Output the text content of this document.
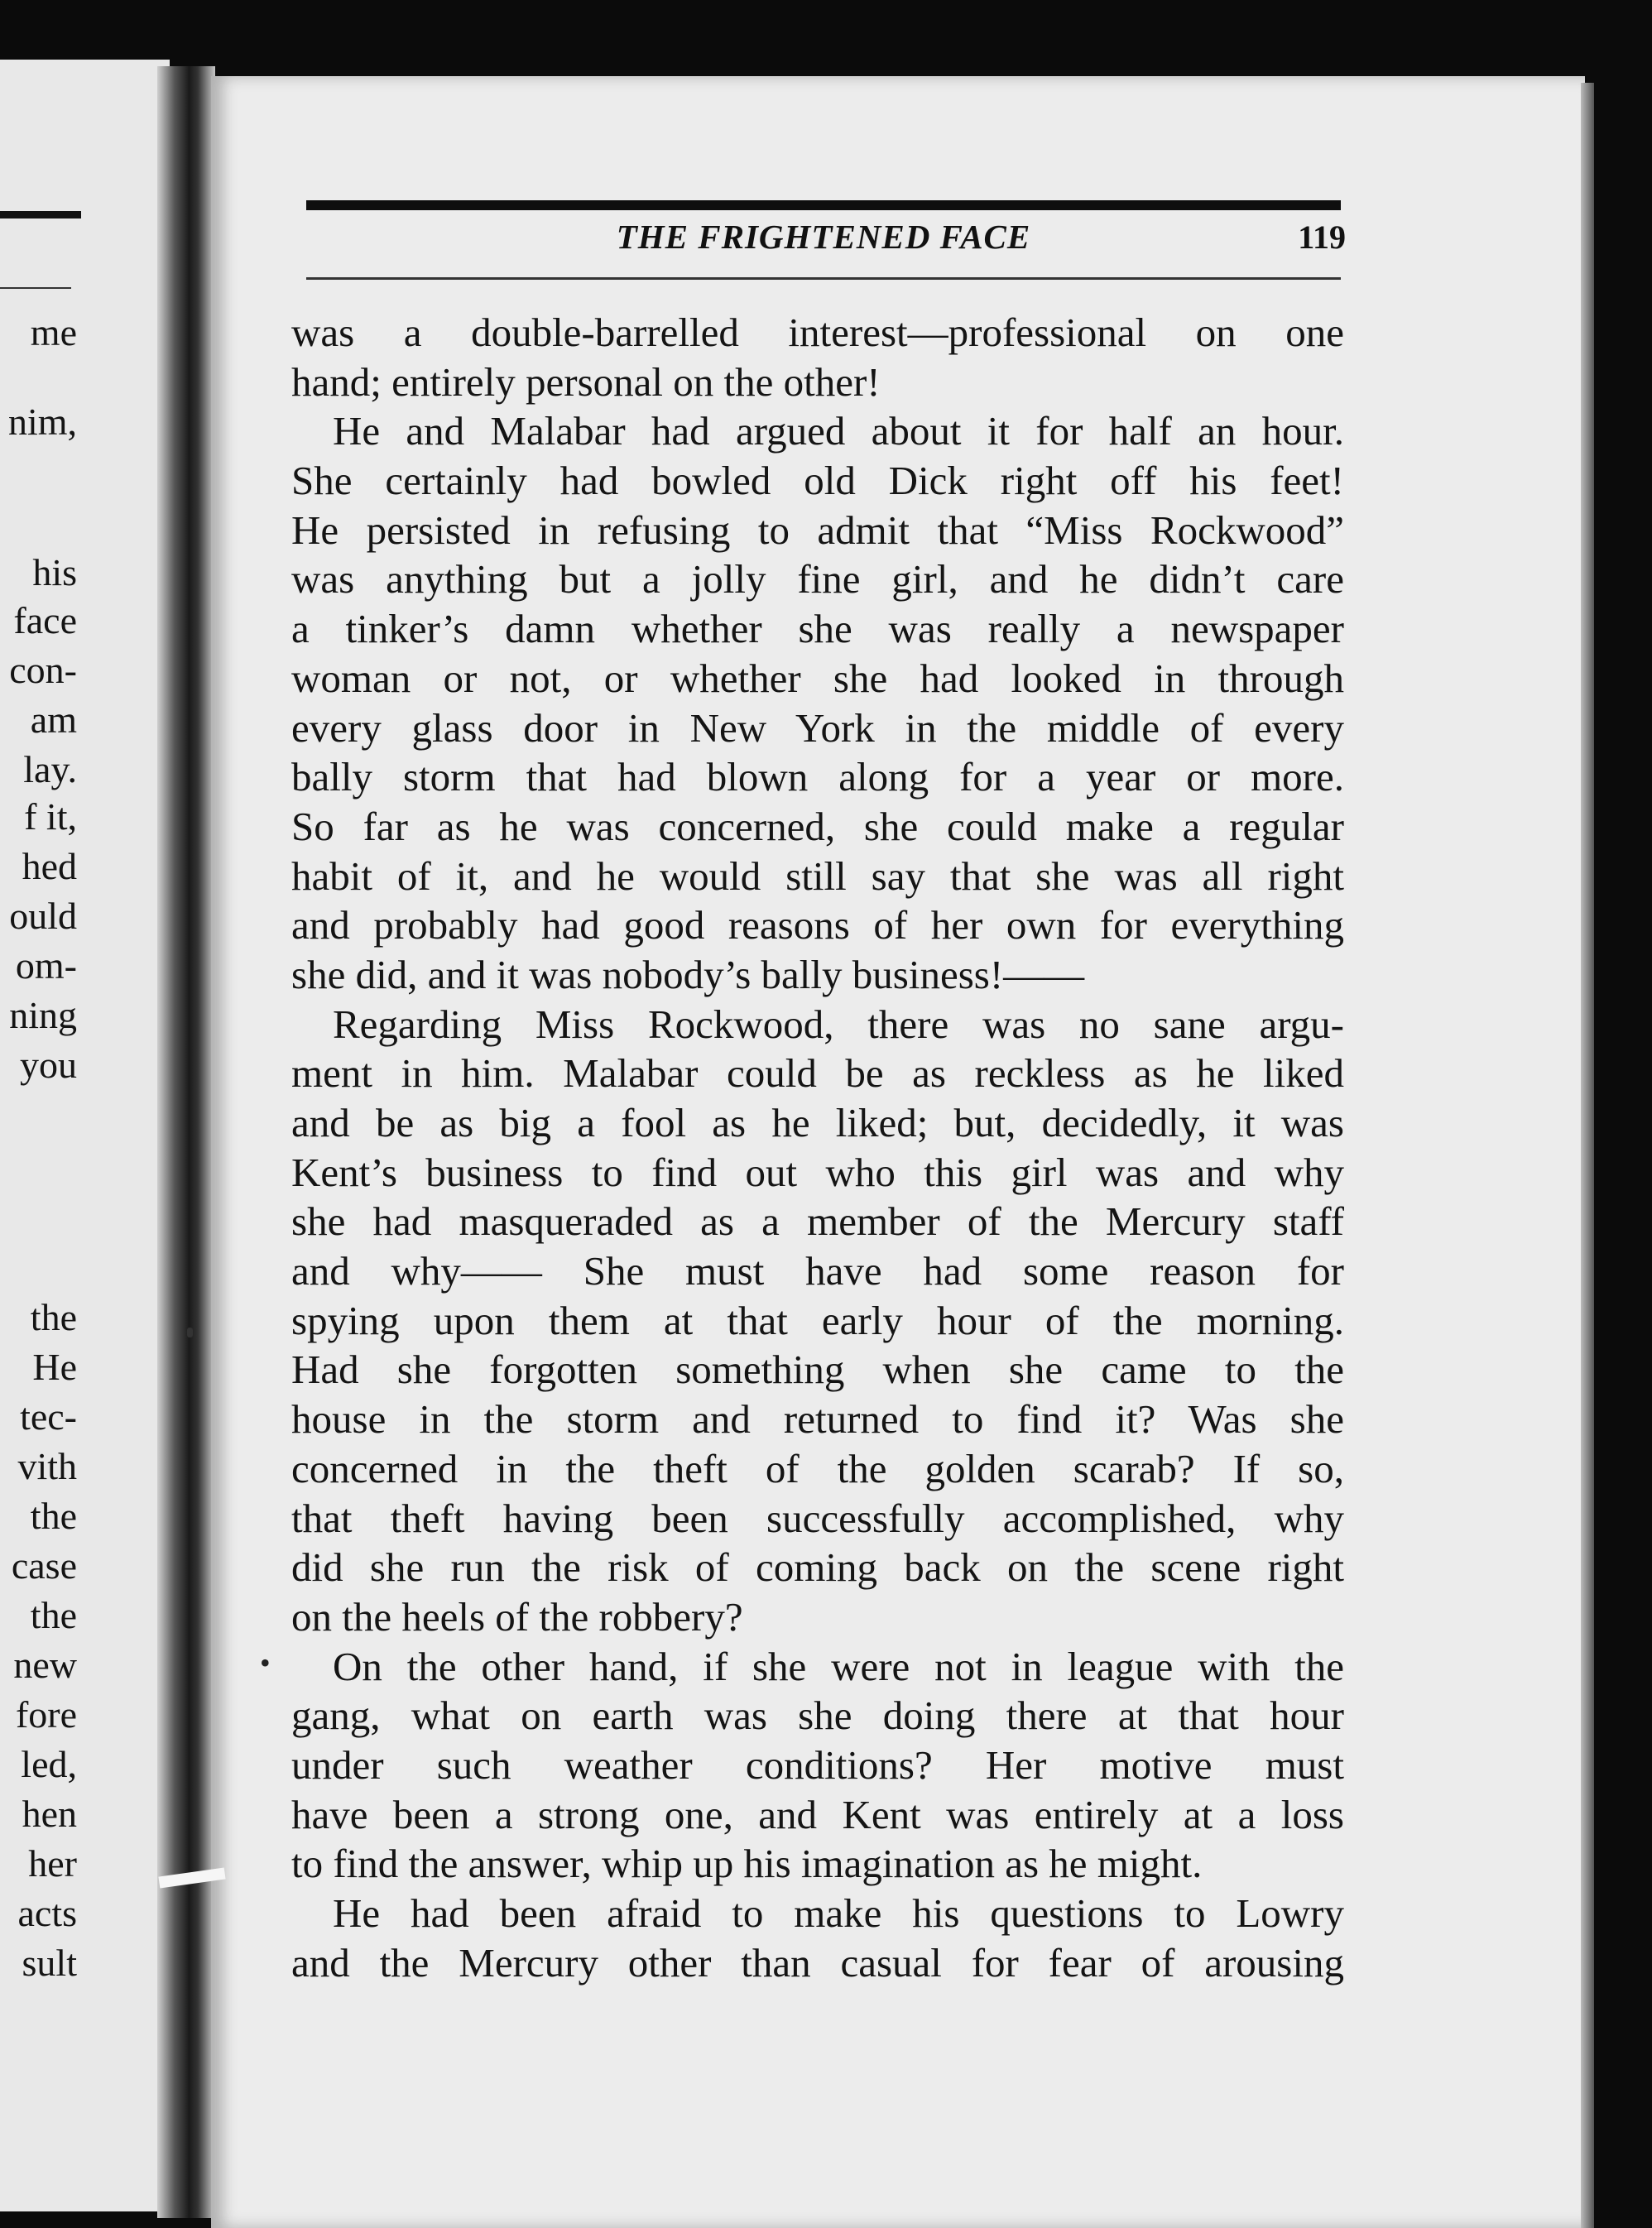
me
nim,
his
face
con-
am
lay.
f it,
hed
ould
om-
ning
you
the
He
tec-
vith
the
case
the
new
fore
led,
hen
her
acts
sult
THE FRIGHTENED FACE	119
was a double-barrelled interest—professional on one
hand; entirely personal on the other!
He and Malabar had argued about it for half an hour.
She certainly had bowled old Dick right off his feet!
He persisted in refusing to admit that “Miss Rockwood”
was anything but a jolly fine girl, and he didn’t care
a tinker’s damn whether she was really a newspaper
woman or not, or whether she had looked in through
every glass door in New York in the middle of every
bally storm that had blown along for a year or more.
So far as he was concerned, she could make a regular
habit of it, and he would still say that she was all right
and probably had good reasons of her own for everything
she did, and it was nobody’s bally business!——
Regarding Miss Rockwood, there was no sane argu-
ment in him. Malabar could be as reckless as he liked
and be as big a fool as he liked; but, decidedly, it was
Kent’s business to find out who this girl was and why
she had masqueraded as a member of the Mercury staff
and why—— She must have had some reason for
spying upon them at that early hour of the morning.
Had she forgotten something when she came to the
house in the storm and returned to find it? Was she
concerned in the theft of the golden scarab? If so,
that theft having been successfully accomplished, why
did she run the risk of coming back on the scene right
on the heels of the robbery?
On the other hand, if she were not in league with the
gang, what on earth was she doing there at that hour
under such weather conditions? Her motive must
have been a strong one, and Kent was entirely at a loss
to find the answer, whip up his imagination as he might.
He had been afraid to make his questions to Lowry
and the Mercury other than casual for fear of arousing
•
